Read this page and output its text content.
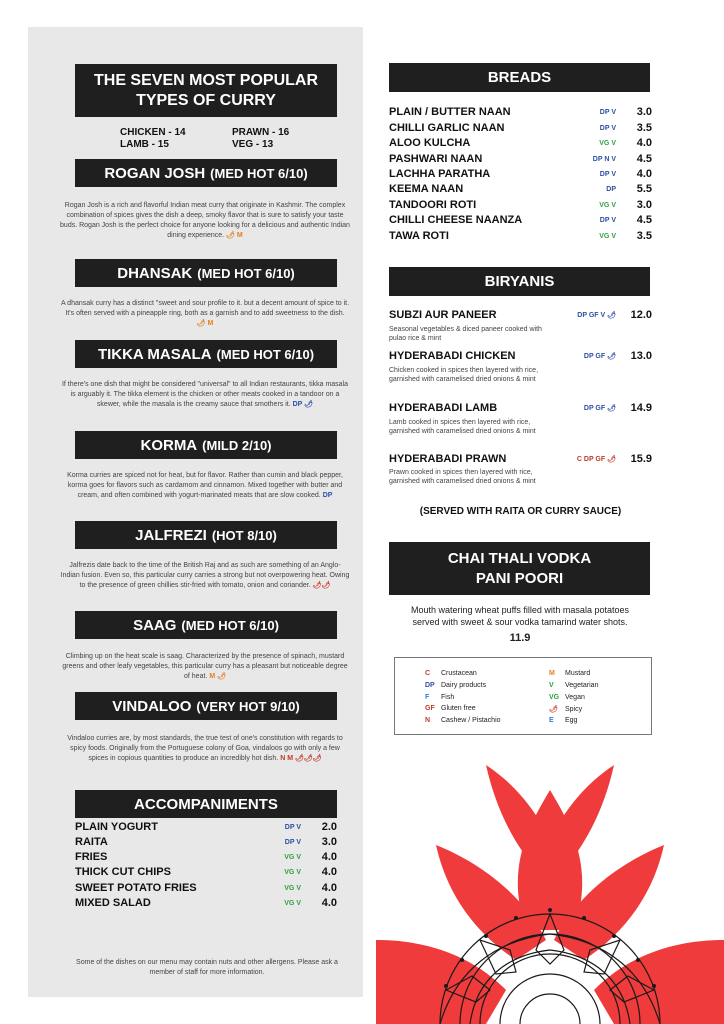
THE SEVEN MOST POPULAR
TYPES OF CURRY
CHICKEN - 14	PRAWN - 16
LAMB - 15	VEG - 13
ROGAN JOSH (MED HOT 6/10)
Rogan Josh is a rich and flavorful Indian meat curry that originate in Kashmir. The complex combination of spices gives the dish a deep, smoky flavor that is sure to satisfy your taste buds. Rogan Josh is the perfect choice for anyone looking for a delicious and authentic Indian dining experience. 🌶 M
DHANSAK (MED HOT 6/10)
A dhansak curry has a distinct "sweet and sour profile to it. but a decent amount of spice to it. It's often served with a pineapple ring, both as a garnish and to add sweetness to the dish. 🌶 M
TIKKA MASALA (MED HOT 6/10)
If there's one dish that might be considered "universal" to all Indian restaurants, tikka masala is arguably it. The tikka element is the chicken or other meats cooked in a tandoor on a skewer, while the masala is the creamy sauce that smothers it. DP 🌶
KORMA (MILD 2/10)
Korma curries are spiced not for heat, but for flavor. Rather than cumin and black pepper, korma goes for flavors such as cardamom and cinnamon. Mixed together with butter and cream, and often combined with yogurt-marinated meats that are slow cooked. DP
JALFREZI (HOT 8/10)
Jalfrezis date back to the time of the British Raj and as such are something of an Anglo-Indian fusion. Even so, this particular curry carries a strong but not overpowering heat. Owing to the presence of green chillies stir-fried with tomato, onion and coriander. 🌶🌶
SAAG (MED HOT 6/10)
Climbing up on the heat scale is saag. Characterized by the presence of spinach, mustard greens and other leafy vegetables, this particular curry has a pleasant but noticeable degree of heat. M 🌶
VINDALOO (VERY HOT 9/10)
Vindaloo curries are, by most standards, the true test of one's constitution with regards to spicy foods. Originally from the Portuguese colony of Goa, vindaloos go with only a few spices in copious quantities to produce an incredibly hot dish. N M 🌶🌶🌶
ACCOMPANIMENTS
PLAIN YOGURT	DP V	2.0
RAITA	DP V	3.0
FRIES	VG V	4.0
THICK CUT CHIPS	VG V	4.0
SWEET POTATO FRIES	VG V	4.0
MIXED SALAD	VG V	4.0
Some of the dishes on our menu may contain nuts and other allergens. Please ask a member of staff for more information.
BREADS
PLAIN / BUTTER NAAN	DP V	3.0
CHILLI GARLIC NAAN	DP V	3.5
ALOO KULCHA	VG V	4.0
PASHWARI NAAN	DP N V	4.5
LACHHA PARATHA	DP V	4.0
KEEMA NAAN	DP	5.5
TANDOORI ROTI	VG V	3.0
CHILLI CHEESE NAANZA	DP V	4.5
TAWA ROTI	VG V	3.5
BIRYANIS
SUBZI AUR PANEER	DP GF V 🌶	12.0
Seasonal vegetables & diced paneer cooked with pulao rice & mint
HYDERABADI CHICKEN	DP GF 🌶	13.0
Chicken cooked in spices then layered with rice, garnished with caramelised dried onions & mint
HYDERABADI LAMB	DP GF 🌶	14.9
Lamb cooked in spices then layered with rice, garnished with caramelised dried onions & mint
HYDERABADI PRAWN	C DP GF 🌶	15.9
Prawn cooked in spices then layered with rice, garnished with caramelised dried onions & mint
(SERVED WITH RAITA OR CURRY SAUCE)
CHAI THALI VODKA
PANI POORI
Mouth watering wheat puffs filled with masala potatoes
served with sweet & sour vodka tamarind water shots.
11.9
C Crustacean
DP Dairy products
F Fish
GF Gluten free
N Cashew / Pistachio
M Mustard
V Vegetarian
VG Vegan
🌶 Spicy
E Egg
